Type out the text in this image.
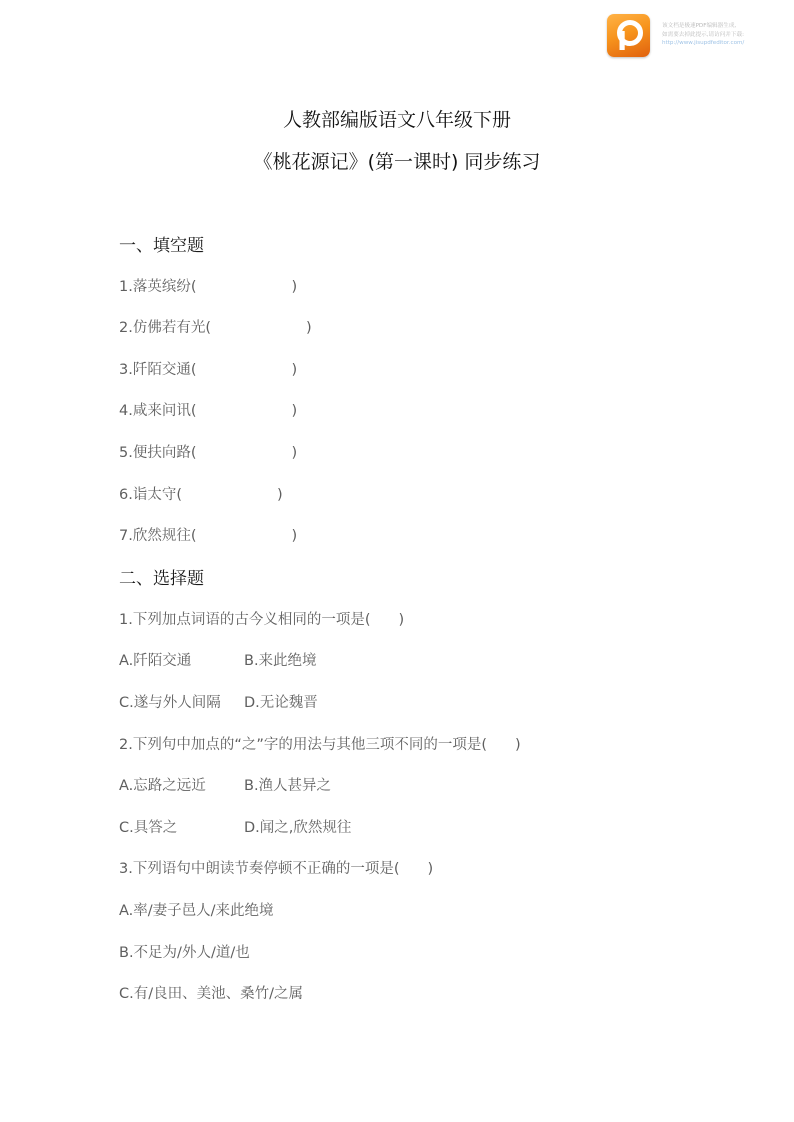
该文档是极速PDF编辑器生成,
如需要去掉此提示,请访问并下载:
http://www.jisupdfeditor.com/
人教部编版语文八年级下册
《桃花源记》(第一课时) 同步练习
一、填空题
1.落英缤纷(	)
2.仿佛若有光(	)
3.阡陌交通(	)
4.咸来问讯(	)
5.便扶向路(	)
6.诣太守(	)
7.欣然规往(	)
二、选择题
1.下列加点词语的古今义相同的一项是( )
A.阡陌交通	B.来此绝境
C.遂与外人间隔 D.无论魏晋
2.下列句中加点的“之”字的用法与其他三项不同的一项是( )
A.忘路之远近	B.渔人甚异之
C.具答之	D.闻之,欣然规往
3.下列语句中朗读节奏停顿不正确的一项是( )
A.率/妻子邑人/来此绝境
B.不足为/外人/道/也
C.有/良田、美池、桑竹/之属
